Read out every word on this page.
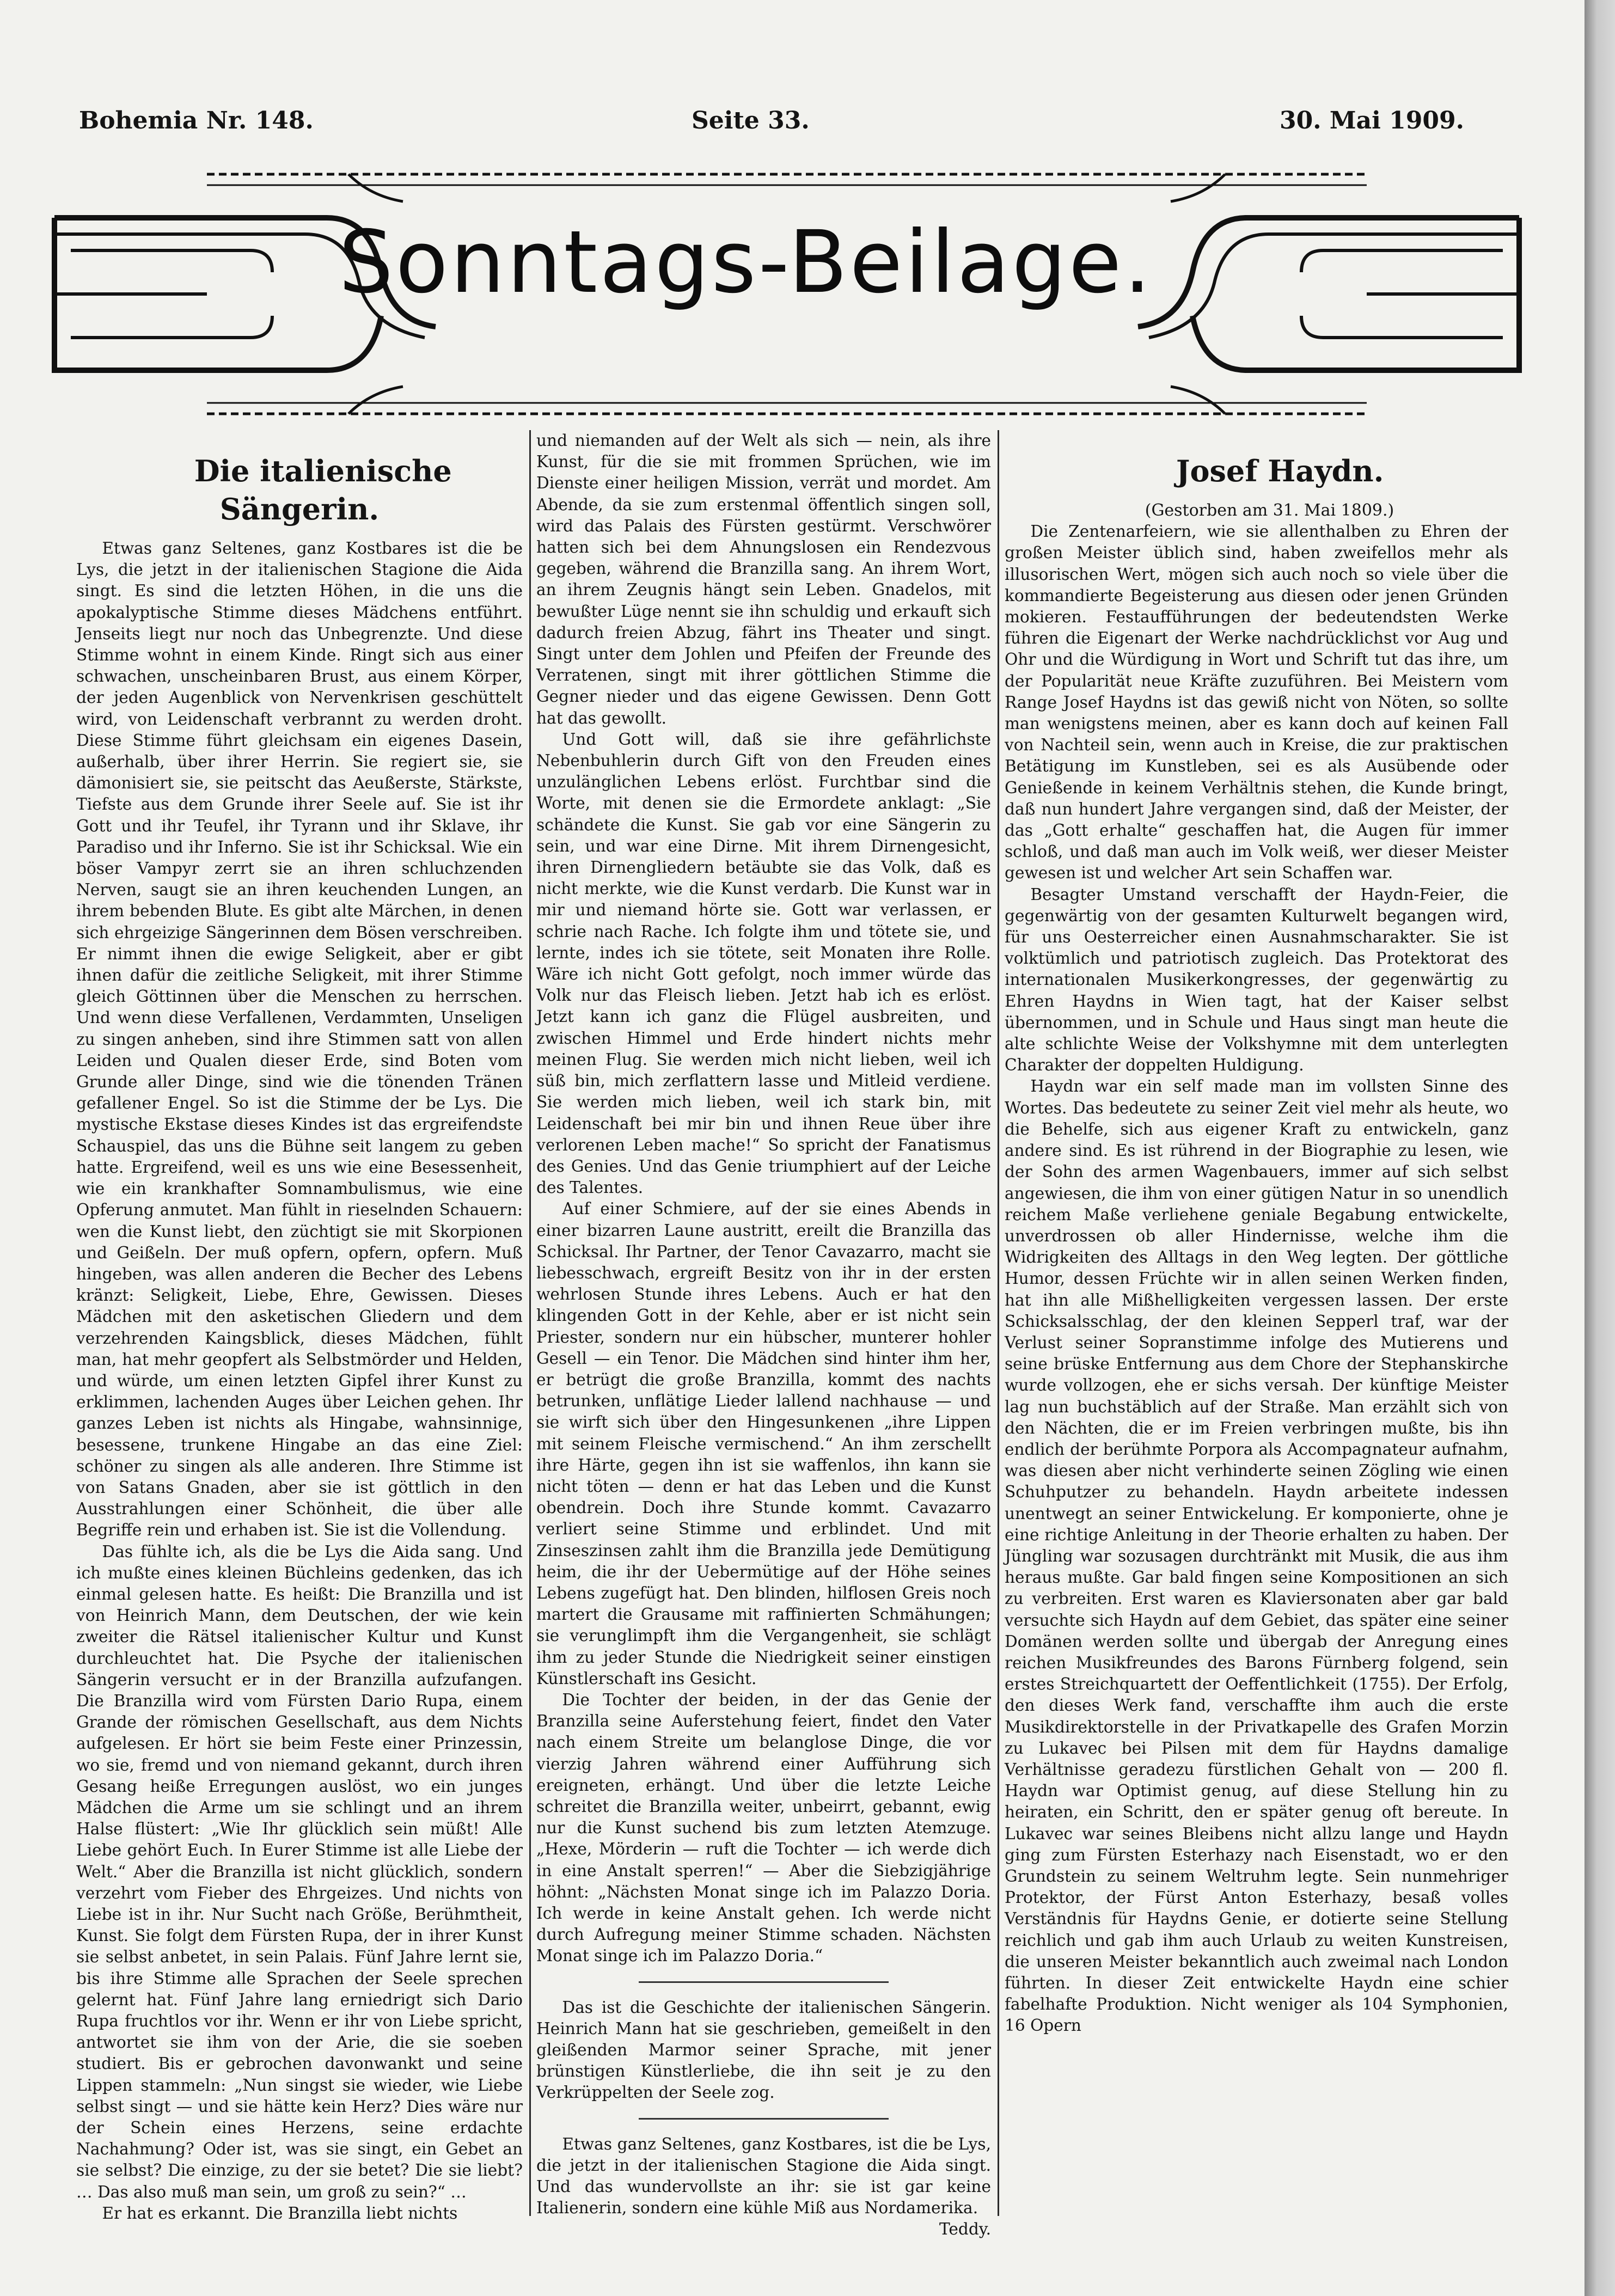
Bohemia Nr. 148.	Seite 33.	30. Mai 1909.
Sonntags-Beilage.

Die italienische Sängerin.

Etwas ganz Seltenes, ganz Kostbares ist die be Lys, die jetzt in der italienischen Stagione die Aida singt. Es sind die letzten Höhen, in die uns die apokalyptische Stimme dieses Mädchens entführt. Jenseits liegt nur noch das Unbegrenzte. Und diese Stimme wohnt in einem Kinde. Ringt sich aus einer schwachen, unscheinbaren Brust, aus einem Körper, der jeden Augenblick von Nervenkrisen geschüttelt wird, von Leidenschaft verbrannt zu werden droht. Diese Stimme führt gleichsam ein eigenes Dasein, außerhalb, über ihrer Herrin. Sie regiert sie, sie dämonisiert sie, sie peitscht das Aeußerste, Stärkste, Tiefste aus dem Grunde ihrer Seele auf. Sie ist ihr Gott und ihr Teufel, ihr Tyrann und ihr Sklave, ihr Paradiso und ihr Inferno. Sie ist ihr Schicksal. Wie ein böser Vampyr zerrt sie an ihren schluchzenden Nerven, saugt sie an ihren keuchenden Lungen, an ihrem bebenden Blute. Es gibt alte Märchen, in denen sich ehrgeizige Sängerinnen dem Bösen verschreiben. Er nimmt ihnen die ewige Seligkeit, aber er gibt ihnen dafür die zeitliche Seligkeit, mit ihrer Stimme gleich Göttinnen über die Menschen zu herrschen. Und wenn diese Verfallenen, Verdammten, Unseligen zu singen anheben, sind ihre Stimmen satt von allen Leiden und Qualen dieser Erde, sind Boten vom Grunde aller Dinge, sind wie die tönenden Tränen gefallener Engel. So ist die Stimme der be Lys. Die mystische Ekstase dieses Kindes ist das ergreifendste Schauspiel, das uns die Bühne seit langem zu geben hatte. Ergreifend, weil es uns wie eine Besessenheit, wie ein krankhafter Somnambulismus, wie eine Opferung anmutet. Man fühlt in rieselnden Schauern: wen die Kunst liebt, den züchtigt sie mit Skorpionen und Geißeln. Der muß opfern, opfern, opfern. Muß hingeben, was allen anderen die Becher des Lebens kränzt: Seligkeit, Liebe, Ehre, Gewissen. Dieses Mädchen mit den asketischen Gliedern und dem verzehrenden Kaingsblick, dieses Mädchen, fühlt man, hat mehr geopfert als Selbstmörder und Helden, und würde, um einen letzten Gipfel ihrer Kunst zu erklimmen, lachenden Auges über Leichen gehen. Ihr ganzes Leben ist nichts als Hingabe, wahnsinnige, besessene, trunkene Hingabe an das eine Ziel: schöner zu singen als alle anderen. Ihre Stimme ist von Satans Gnaden, aber sie ist göttlich in den Ausstrahlungen einer Schönheit, die über alle Begriffe rein und erhaben ist. Sie ist die Vollendung.

Das fühlte ich, als die be Lys die Aida sang. Und ich mußte eines kleinen Büchleins gedenken, das ich einmal gelesen hatte. Es heißt: Die Branzilla und ist von Heinrich Mann, dem Deutschen, der wie kein zweiter die Rätsel italienischer Kultur und Kunst durchleuchtet hat. Die Psyche der italienischen Sängerin versucht er in der Branzilla aufzufangen. Die Branzilla wird vom Fürsten Dario Rupa, einem Grande der römischen Gesellschaft, aus dem Nichts aufgelesen. Er hört sie beim Feste einer Prinzessin, wo sie, fremd und von niemand gekannt, durch ihren Gesang heiße Erregungen auslöst, wo ein junges Mädchen die Arme um sie schlingt und an ihrem Halse flüstert: „Wie Ihr glücklich sein müßt! Alle Liebe gehört Euch. In Eurer Stimme ist alle Liebe der Welt.“ Aber die Branzilla ist nicht glücklich, sondern verzehrt vom Fieber des Ehrgeizes. Und nichts von Liebe ist in ihr. Nur Sucht nach Größe, Berühmtheit, Kunst. Sie folgt dem Fürsten Rupa, der in ihrer Kunst sie selbst anbetet, in sein Palais. Fünf Jahre lernt sie, bis ihre Stimme alle Sprachen der Seele sprechen gelernt hat. Fünf Jahre lang erniedrigt sich Dario Rupa fruchtlos vor ihr. Wenn er ihr von Liebe spricht, antwortet sie ihm von der Arie, die sie soeben studiert. Bis er gebrochen davonwankt und seine Lippen stammeln: „Nun singst sie wieder, wie Liebe selbst singt — und sie hätte kein Herz? Dies wäre nur der Schein eines Herzens, seine erdachte Nachahmung? Oder ist, was sie singt, ein Gebet an sie selbst? Die einzige, zu der sie betet? Die sie liebt? … Das also muß man sein, um groß zu sein?“ …

Er hat es erkannt. Die Branzilla liebt nichts

und niemanden auf der Welt als sich — nein, als ihre Kunst, für die sie mit frommen Sprüchen, wie im Dienste einer heiligen Mission, verrät und mordet. Am Abende, da sie zum erstenmal öffentlich singen soll, wird das Palais des Fürsten gestürmt. Verschwörer hatten sich bei dem Ahnungslosen ein Rendezvous gegeben, während die Branzilla sang. An ihrem Wort, an ihrem Zeugnis hängt sein Leben. Gnadelos, mit bewußter Lüge nennt sie ihn schuldig und erkauft sich dadurch freien Abzug, fährt ins Theater und singt. Singt unter dem Johlen und Pfeifen der Freunde des Verratenen, singt mit ihrer göttlichen Stimme die Gegner nieder und das eigene Gewissen. Denn Gott hat das gewollt.

Und Gott will, daß sie ihre gefährlichste Nebenbuhlerin durch Gift von den Freuden eines unzulänglichen Lebens erlöst. Furchtbar sind die Worte, mit denen sie die Ermordete anklagt: „Sie schändete die Kunst. Sie gab vor eine Sängerin zu sein, und war eine Dirne. Mit ihrem Dirnengesicht, ihren Dirnengliedern betäubte sie das Volk, daß es nicht merkte, wie die Kunst verdarb. Die Kunst war in mir und niemand hörte sie. Gott war verlassen, er schrie nach Rache. Ich folgte ihm und tötete sie, und lernte, indes ich sie tötete, seit Monaten ihre Rolle. Wäre ich nicht Gott gefolgt, noch immer würde das Volk nur das Fleisch lieben. Jetzt hab ich es erlöst. Jetzt kann ich ganz die Flügel ausbreiten, und zwischen Himmel und Erde hindert nichts mehr meinen Flug. Sie werden mich nicht lieben, weil ich süß bin, mich zerflattern lasse und Mitleid verdiene. Sie werden mich lieben, weil ich stark bin, mit Leidenschaft bei mir bin und ihnen Reue über ihre verlorenen Leben mache!“ So spricht der Fanatismus des Genies. Und das Genie triumphiert auf der Leiche des Talentes.

Auf einer Schmiere, auf der sie eines Abends in einer bizarren Laune austritt, ereilt die Branzilla das Schicksal. Ihr Partner, der Tenor Cavazarro, macht sie liebesschwach, ergreift Besitz von ihr in der ersten wehrlosen Stunde ihres Lebens. Auch er hat den klingenden Gott in der Kehle, aber er ist nicht sein Priester, sondern nur ein hübscher, munterer hohler Gesell — ein Tenor. Die Mädchen sind hinter ihm her, er betrügt die große Branzilla, kommt des nachts betrunken, unflätige Lieder lallend nachhause — und sie wirft sich über den Hingesunkenen „ihre Lippen mit seinem Fleische vermischend.“ An ihm zerschellt ihre Härte, gegen ihn ist sie waffenlos, ihn kann sie nicht töten — denn er hat das Leben und die Kunst obendrein. Doch ihre Stunde kommt. Cavazarro verliert seine Stimme und erblindet. Und mit Zinseszinsen zahlt ihm die Branzilla jede Demütigung heim, die ihr der Uebermütige auf der Höhe seines Lebens zugefügt hat. Den blinden, hilflosen Greis noch martert die Grausame mit raffinierten Schmähungen; sie verunglimpft ihm die Vergangenheit, sie schlägt ihm zu jeder Stunde die Niedrigkeit seiner einstigen Künstlerschaft ins Gesicht.

Die Tochter der beiden, in der das Genie der Branzilla seine Auferstehung feiert, findet den Vater nach einem Streite um belanglose Dinge, die vor vierzig Jahren während einer Aufführung sich ereigneten, erhängt. Und über die letzte Leiche schreitet die Branzilla weiter, unbeirrt, gebannt, ewig nur die Kunst suchend bis zum letzten Atemzuge. „Hexe, Mörderin — ruft die Tochter — ich werde dich in eine Anstalt sperren!“ — Aber die Siebzigjährige höhnt: „Nächsten Monat singe ich im Palazzo Doria. Ich werde in keine Anstalt gehen. Ich werde nicht durch Aufregung meiner Stimme schaden. Nächsten Monat singe ich im Palazzo Doria.“

Das ist die Geschichte der italienischen Sängerin. Heinrich Mann hat sie geschrieben, gemeißelt in den gleißenden Marmor seiner Sprache, mit jener brünstigen Künstlerliebe, die ihn seit je zu den Verkrüppelten der Seele zog.

Etwas ganz Seltenes, ganz Kostbares, ist die be Lys, die jetzt in der italienischen Stagione die Aida singt. Und das wundervollste an ihr: sie ist gar keine Italienerin, sondern eine kühle Miß aus Nordamerika.

Teddy.

Josef Haydn.

(Gestorben am 31. Mai 1809.)

Die Zentenarfeiern, wie sie allenthalben zu Ehren der großen Meister üblich sind, haben zweifellos mehr als illusorischen Wert, mögen sich auch noch so viele über die kommandierte Begeisterung aus diesen oder jenen Gründen mokieren. Festaufführungen der bedeutendsten Werke führen die Eigenart der Werke nachdrücklichst vor Aug und Ohr und die Würdigung in Wort und Schrift tut das ihre, um der Popularität neue Kräfte zuzuführen. Bei Meistern vom Range Josef Haydns ist das gewiß nicht von Nöten, so sollte man wenigstens meinen, aber es kann doch auf keinen Fall von Nachteil sein, wenn auch in Kreise, die zur praktischen Betätigung im Kunstleben, sei es als Ausübende oder Genießende in keinem Verhältnis stehen, die Kunde bringt, daß nun hundert Jahre vergangen sind, daß der Meister, der das „Gott erhalte“ geschaffen hat, die Augen für immer schloß, und daß man auch im Volk weiß, wer dieser Meister gewesen ist und welcher Art sein Schaffen war.

Besagter Umstand verschafft der Haydn-Feier, die gegenwärtig von der gesamten Kulturwelt begangen wird, für uns Oesterreicher einen Ausnahmscharakter. Sie ist volktümlich und patriotisch zugleich. Das Protektorat des internationalen Musikerkongresses, der gegenwärtig zu Ehren Haydns in Wien tagt, hat der Kaiser selbst übernommen, und in Schule und Haus singt man heute die alte schlichte Weise der Volkshymne mit dem unterlegten Charakter der doppelten Huldigung.

Haydn war ein self made man im vollsten Sinne des Wortes. Das bedeutete zu seiner Zeit viel mehr als heute, wo die Behelfe, sich aus eigener Kraft zu entwickeln, ganz andere sind. Es ist rührend in der Biographie zu lesen, wie der Sohn des armen Wagenbauers, immer auf sich selbst angewiesen, die ihm von einer gütigen Natur in so unendlich reichem Maße verliehene geniale Begabung entwickelte, unverdrossen ob aller Hindernisse, welche ihm die Widrigkeiten des Alltags in den Weg legten. Der göttliche Humor, dessen Früchte wir in allen seinen Werken finden, hat ihn alle Mißhelligkeiten vergessen lassen. Der erste Schicksalsschlag, der den kleinen Sepperl traf, war der Verlust seiner Sopranstimme infolge des Mutierens und seine brüske Entfernung aus dem Chore der Stephanskirche wurde vollzogen, ehe er sichs versah. Der künftige Meister lag nun buchstäblich auf der Straße. Man erzählt sich von den Nächten, die er im Freien verbringen mußte, bis ihn endlich der berühmte Porpora als Accompagnateur aufnahm, was diesen aber nicht verhinderte seinen Zögling wie einen Schuhputzer zu behandeln. Haydn arbeitete indessen unentwegt an seiner Entwickelung. Er komponierte, ohne je eine richtige Anleitung in der Theorie erhalten zu haben. Der Jüngling war sozusagen durchtränkt mit Musik, die aus ihm heraus mußte. Gar bald fingen seine Kompositionen an sich zu verbreiten. Erst waren es Klaviersonaten aber gar bald versuchte sich Haydn auf dem Gebiet, das später eine seiner Domänen werden sollte und übergab der Anregung eines reichen Musikfreundes des Barons Fürnberg folgend, sein erstes Streichquartett der Oeffentlichkeit (1755). Der Erfolg, den dieses Werk fand, verschaffte ihm auch die erste Musikdirektorstelle in der Privatkapelle des Grafen Morzin zu Lukavec bei Pilsen mit dem für Haydns damalige Verhältnisse geradezu fürstlichen Gehalt von — 200 fl. Haydn war Optimist genug, auf diese Stellung hin zu heiraten, ein Schritt, den er später genug oft bereute. In Lukavec war seines Bleibens nicht allzu lange und Haydn ging zum Fürsten Esterhazy nach Eisenstadt, wo er den Grundstein zu seinem Weltruhm legte. Sein nunmehriger Protektor, der Fürst Anton Esterhazy, besaß volles Verständnis für Haydns Genie, er dotierte seine Stellung reichlich und gab ihm auch Urlaub zu weiten Kunstreisen, die unseren Meister bekanntlich auch zweimal nach London führten. In dieser Zeit entwickelte Haydn eine schier fabelhafte Produktion. Nicht weniger als 104 Symphonien, 16 Opern
